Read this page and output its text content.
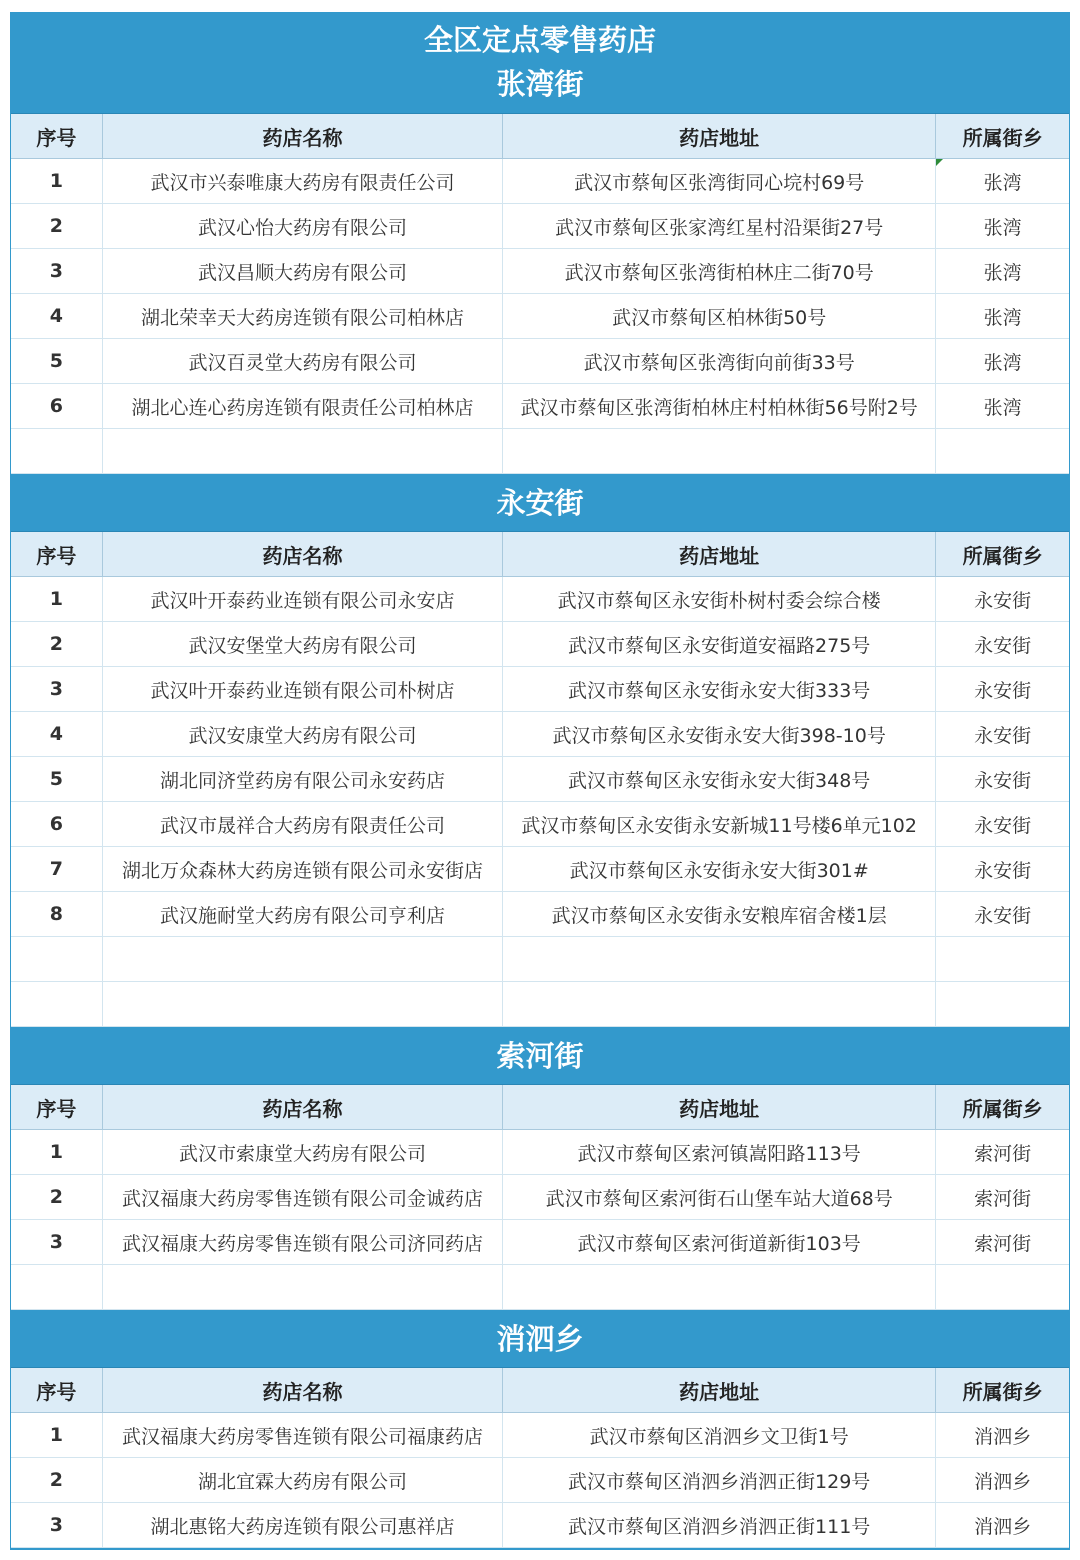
全区定点零售药店
张湾街
序号	药店名称	药店地址	所属街乡
1	武汉市兴泰唯康大药房有限责任公司	武汉市蔡甸区张湾街同心垸村69号	张湾
2	武汉心怡大药房有限公司	武汉市蔡甸区张家湾红星村沿渠街27号	张湾
3	武汉昌顺大药房有限公司	武汉市蔡甸区张湾街柏林庄二街70号	张湾
4	湖北荣幸天大药房连锁有限公司柏林店	武汉市蔡甸区柏林街50号	张湾
5	武汉百灵堂大药房有限公司	武汉市蔡甸区张湾街向前街33号	张湾
6	湖北心连心药房连锁有限责任公司柏林店	武汉市蔡甸区张湾街柏林庄村柏林街56号附2号	张湾
永安街
序号	药店名称	药店地址	所属街乡
1	武汉叶开泰药业连锁有限公司永安店	武汉市蔡甸区永安街朴树村委会综合楼	永安街
2	武汉安堡堂大药房有限公司	武汉市蔡甸区永安街道安福路275号	永安街
3	武汉叶开泰药业连锁有限公司朴树店	武汉市蔡甸区永安街永安大街333号	永安街
4	武汉安康堂大药房有限公司	武汉市蔡甸区永安街永安大街398-10号	永安街
5	湖北同济堂药房有限公司永安药店	武汉市蔡甸区永安街永安大街348号	永安街
6	武汉市晟祥合大药房有限责任公司	武汉市蔡甸区永安街永安新城11号楼6单元102	永安街
7	湖北万众森林大药房连锁有限公司永安街店	武汉市蔡甸区永安街永安大街301#	永安街
8	武汉施耐堂大药房有限公司亨利店	武汉市蔡甸区永安街永安粮库宿舍楼1层	永安街
索河街
序号	药店名称	药店地址	所属街乡
1	武汉市索康堂大药房有限公司	武汉市蔡甸区索河镇嵩阳路113号	索河街
2	武汉福康大药房零售连锁有限公司金诚药店	武汉市蔡甸区索河街石山堡车站大道68号	索河街
3	武汉福康大药房零售连锁有限公司济同药店	武汉市蔡甸区索河街道新街103号	索河街
消泗乡
序号	药店名称	药店地址	所属街乡
1	武汉福康大药房零售连锁有限公司福康药店	武汉市蔡甸区消泗乡文卫街1号	消泗乡
2	湖北宜霖大药房有限公司	武汉市蔡甸区消泗乡消泗正街129号	消泗乡
3	湖北惠铭大药房连锁有限公司惠祥店	武汉市蔡甸区消泗乡消泗正街111号	消泗乡
